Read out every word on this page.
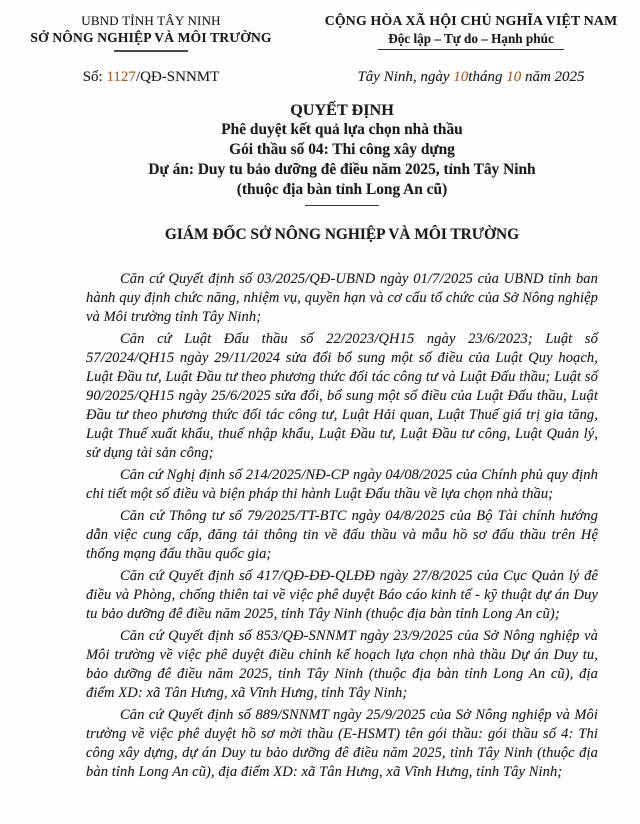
UBND TỈNH TÂY NINH
SỞ NÔNG NGHIỆP VÀ MÔI TRƯỜNG
CỘNG HÒA XÃ HỘI CHỦ NGHĨA VIỆT NAM
Độc lập – Tự do – Hạnh phúc
Số: 1127/QĐ-SNNMT	Tây Ninh, ngày 10tháng 10 năm 2025
QUYẾT ĐỊNH
Phê duyệt kết quả lựa chọn nhà thầu
Gói thầu số 04: Thi công xây dựng
Dự án: Duy tu bảo dưỡng đê điều năm 2025, tỉnh Tây Ninh
(thuộc địa bàn tỉnh Long An cũ)
GIÁM ĐỐC SỞ NÔNG NGHIỆP VÀ MÔI TRƯỜNG

Căn cứ Quyết định số 03/2025/QĐ-UBND ngày 01/7/2025 của UBND tỉnh ban hành quy định chức năng, nhiệm vụ, quyền hạn và cơ cấu tổ chức của Sở Nông nghiệp và Môi trường tỉnh Tây Ninh;

Căn cứ Luật Đấu thầu số 22/2023/QH15 ngày 23/6/2023; Luật số 57/2024/QH15 ngày 29/11/2024 sửa đổi bổ sung một số điều của Luật Quy hoạch, Luật Đầu tư, Luật Đầu tư theo phương thức đối tác công tư và Luật Đấu thầu; Luật số 90/2025/QH15 ngày 25/6/2025 sửa đổi, bổ sung một số điều của Luật Đấu thầu, Luật Đầu tư theo phương thức đối tác công tư, Luật Hải quan, Luật Thuế giá trị gia tăng, Luật Thuế xuất khẩu, thuế nhập khẩu, Luật Đầu tư, Luật Đầu tư công, Luật Quản lý, sử dụng tài sản công;

Căn cứ Nghị định số 214/2025/NĐ-CP ngày 04/08/2025 của Chính phủ quy định chi tiết một số điều và biện pháp thi hành Luật Đấu thầu về lựa chọn nhà thầu;

Căn cứ Thông tư số 79/2025/TT-BTC ngày 04/8/2025 của Bộ Tài chính hướng dẫn việc cung cấp, đăng tải thông tin về đấu thầu và mẫu hồ sơ đấu thầu trên Hệ thống mạng đấu thầu quốc gia;

Căn cứ Quyết định số 417/QĐ-ĐĐ-QLĐĐ ngày 27/8/2025 của Cục Quản lý đê điều và Phòng, chống thiên tai về việc phê duyệt Báo cáo kinh tế - kỹ thuật dự án Duy tu bảo dưỡng đê điều năm 2025, tỉnh Tây Ninh (thuộc địa bàn tỉnh Long An cũ);

Căn cứ Quyết định số 853/QĐ-SNNMT ngày 23/9/2025 của Sở Nông nghiệp và Môi trường về việc phê duyệt điều chỉnh kế hoạch lựa chọn nhà thầu Dự án Duy tu, bảo dưỡng đê điều năm 2025, tỉnh Tây Ninh (thuộc địa bàn tỉnh Long An cũ), địa điểm XD: xã Tân Hưng, xã Vĩnh Hưng, tỉnh Tây Ninh;

Căn cứ Quyết định số 889/SNNMT ngày 25/9/2025 của Sở Nông nghiệp và Môi trường về việc phê duyệt hồ sơ mời thầu (E-HSMT) tên gói thầu: gói thầu số 4: Thi công xây dựng, dự án Duy tu bảo dưỡng đê điều năm 2025, tỉnh Tây Ninh (thuộc địa bàn tỉnh Long An cũ), địa điểm XD: xã Tân Hưng, xã Vĩnh Hưng, tỉnh Tây Ninh;
